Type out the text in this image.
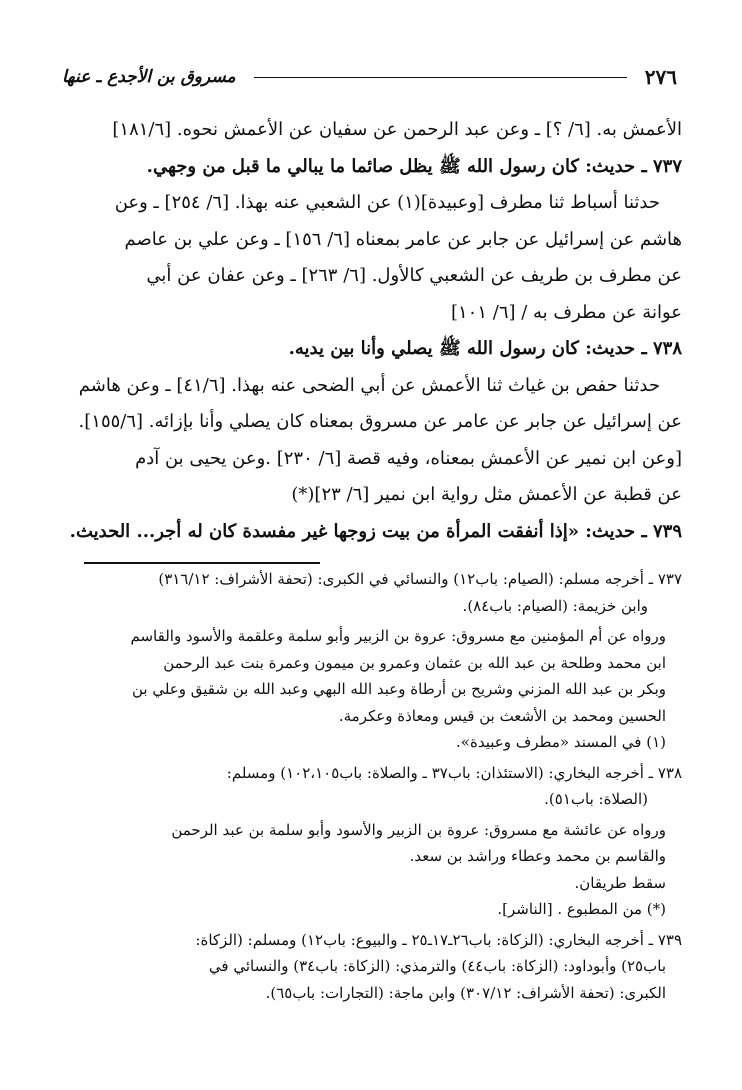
٢٧٦
مسروق بن الأجدع ـ عنها

الأعمش به. [٦/ ؟] ـ وعن عبد الرحمن عن سفيان عن الأعمش نحوه. [١٨١/٦]

٧٣٧ ـ حديث: كان رسول الله ﷺ يظل صائما ما يبالي ما قبل من وجهي.

حدثنا أسباط ثنا مطرف [وعبيدة](١) عن الشعبي عنه بهذا. [٦/ ٢٥٤] ـ وعن

هاشم عن إسرائيل عن جابر عن عامر بمعناه [٦/ ١٥٦] ـ وعن علي بن عاصم

عن مطرف بن طريف عن الشعبي كالأول. [٦/ ٢٦٣] ـ وعن عفان عن أبي

عوانة عن مطرف به / [٦/ ١٠١]

٧٣٨ ـ حديث: كان رسول الله ﷺ يصلي وأنا بين يديه.

حدثنا حفص بن غياث ثنا الأعمش عن أبي الضحى عنه بهذا. [٤١/٦] ـ وعن هاشم

عن إسرائيل عن جابر عن عامر عن مسروق بمعناه كان يصلي وأنا بإزائه. [١٥٥/٦].

[وعن ابن نمير عن الأعمش بمعناه، وفيه قصة [٦/ ٢٣٠] .وعن يحيى بن آدم

عن قطبة عن الأعمش مثل رواية ابن نمير [٦/ ٢٣](*)

٧٣٩ ـ حديث: «إذا أنفقت المرأة من بيت زوجها غير مفسدة كان له أجر... الحديث.

٧٣٧ ـ أخرجه مسلم: (الصيام: باب١٢) والنسائي في الكبرى: (تحفة الأشراف: ٣١٦/١٢)

وابن خزيمة: (الصيام: باب٨٤).

ورواه عن أم المؤمنين مع مسروق: عروة بن الزبير وأبو سلمة وعلقمة والأسود والقاسم

ابن محمد وطلحة بن عبد الله بن عثمان وعمرو بن ميمون وعمرة بنت عبد الرحمن

وبكر بن عبد الله المزني وشريح بن أرطاة وعبد الله البهي وعبد الله بن شقيق وعلي بن

الحسين ومحمد بن الأشعث بن قيس ومعاذة وعكرمة.

(١) في المسند «مطرف وعبيدة».

٧٣٨ ـ أخرجه البخاري: (الاستئذان: باب٣٧ ـ والصلاة: باب١٠٢،١٠٥) ومسلم:

(الصلاة: باب٥١).

ورواه عن عائشة مع مسروق: عروة بن الزبير والأسود وأبو سلمة بن عبد الرحمن

والقاسم بن محمد وعطاء وراشد بن سعد.

سقط طريقان.

(*) من المطبوع . [الناشر].

٧٣٩ ـ أخرجه البخاري: (الزكاة: باب٢٦ـ١٧ـ٢٥ ـ والبيوع: باب١٢) ومسلم: (الزكاة:

باب٢٥) وأبوداود: (الزكاة: باب٤٤) والترمذي: (الزكاة: باب٣٤) والنسائي في

الكبرى: (تحفة الأشراف: ٣٠٧/١٢) وابن ماجة: (التجارات: باب٦٥).
